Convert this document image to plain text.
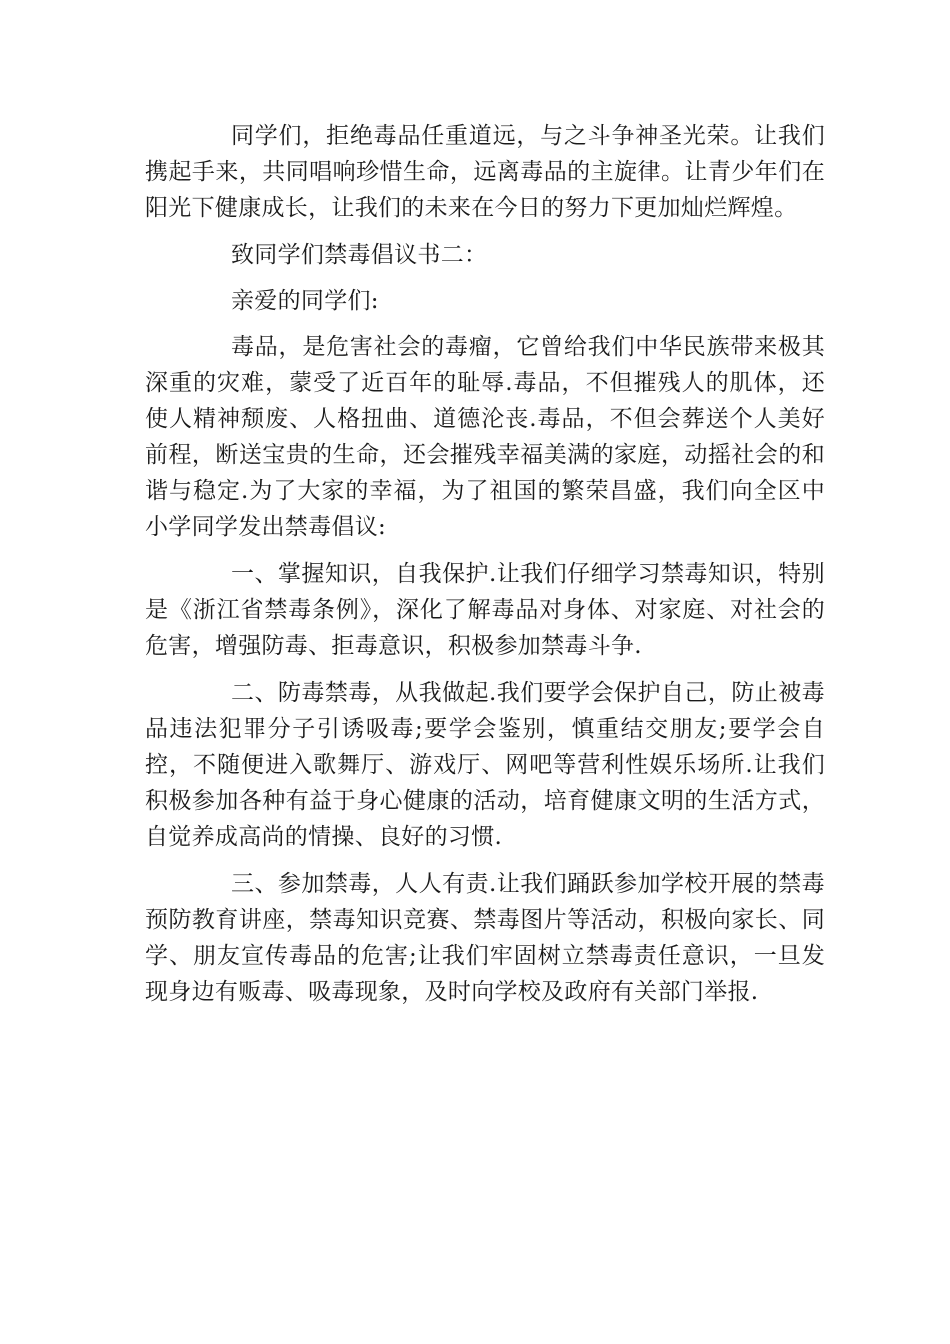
同学们，拒绝毒品任重道远，与之斗争神圣光荣。让我们携起手来，共同唱响珍惜生命，远离毒品的主旋律。让青少年们在阳光下健康成长，让我们的未来在今日的努力下更加灿烂辉煌。

致同学们禁毒倡议书二：

亲爱的同学们:

毒品，是危害社会的毒瘤，它曾给我们中华民族带来极其深重的灾难，蒙受了近百年的耻辱.毒品，不但摧残人的肌体，还使人精神颓废、人格扭曲、道德沦丧.毒品，不但会葬送个人美好前程，断送宝贵的生命，还会摧残幸福美满的家庭，动摇社会的和谐与稳定.为了大家的幸福，为了祖国的繁荣昌盛，我们向全区中小学同学发出禁毒倡议:

一、掌握知识，自我保护.让我们仔细学习禁毒知识，特别是《浙江省禁毒条例》，深化了解毒品对身体、对家庭、对社会的危害，增强防毒、拒毒意识，积极参加禁毒斗争.

二、防毒禁毒，从我做起.我们要学会保护自己，防止被毒品违法犯罪分子引诱吸毒;要学会鉴别，慎重结交朋友;要学会自控，不随便进入歌舞厅、游戏厅、网吧等营利性娱乐场所.让我们积极参加各种有益于身心健康的活动，培育健康文明的生活方式，自觉养成高尚的情操、良好的习惯.

三、参加禁毒，人人有责.让我们踊跃参加学校开展的禁毒预防教育讲座，禁毒知识竞赛、禁毒图片等活动，积极向家长、同学、朋友宣传毒品的危害;让我们牢固树立禁毒责任意识，一旦发现身边有贩毒、吸毒现象，及时向学校及政府有关部门举报.
